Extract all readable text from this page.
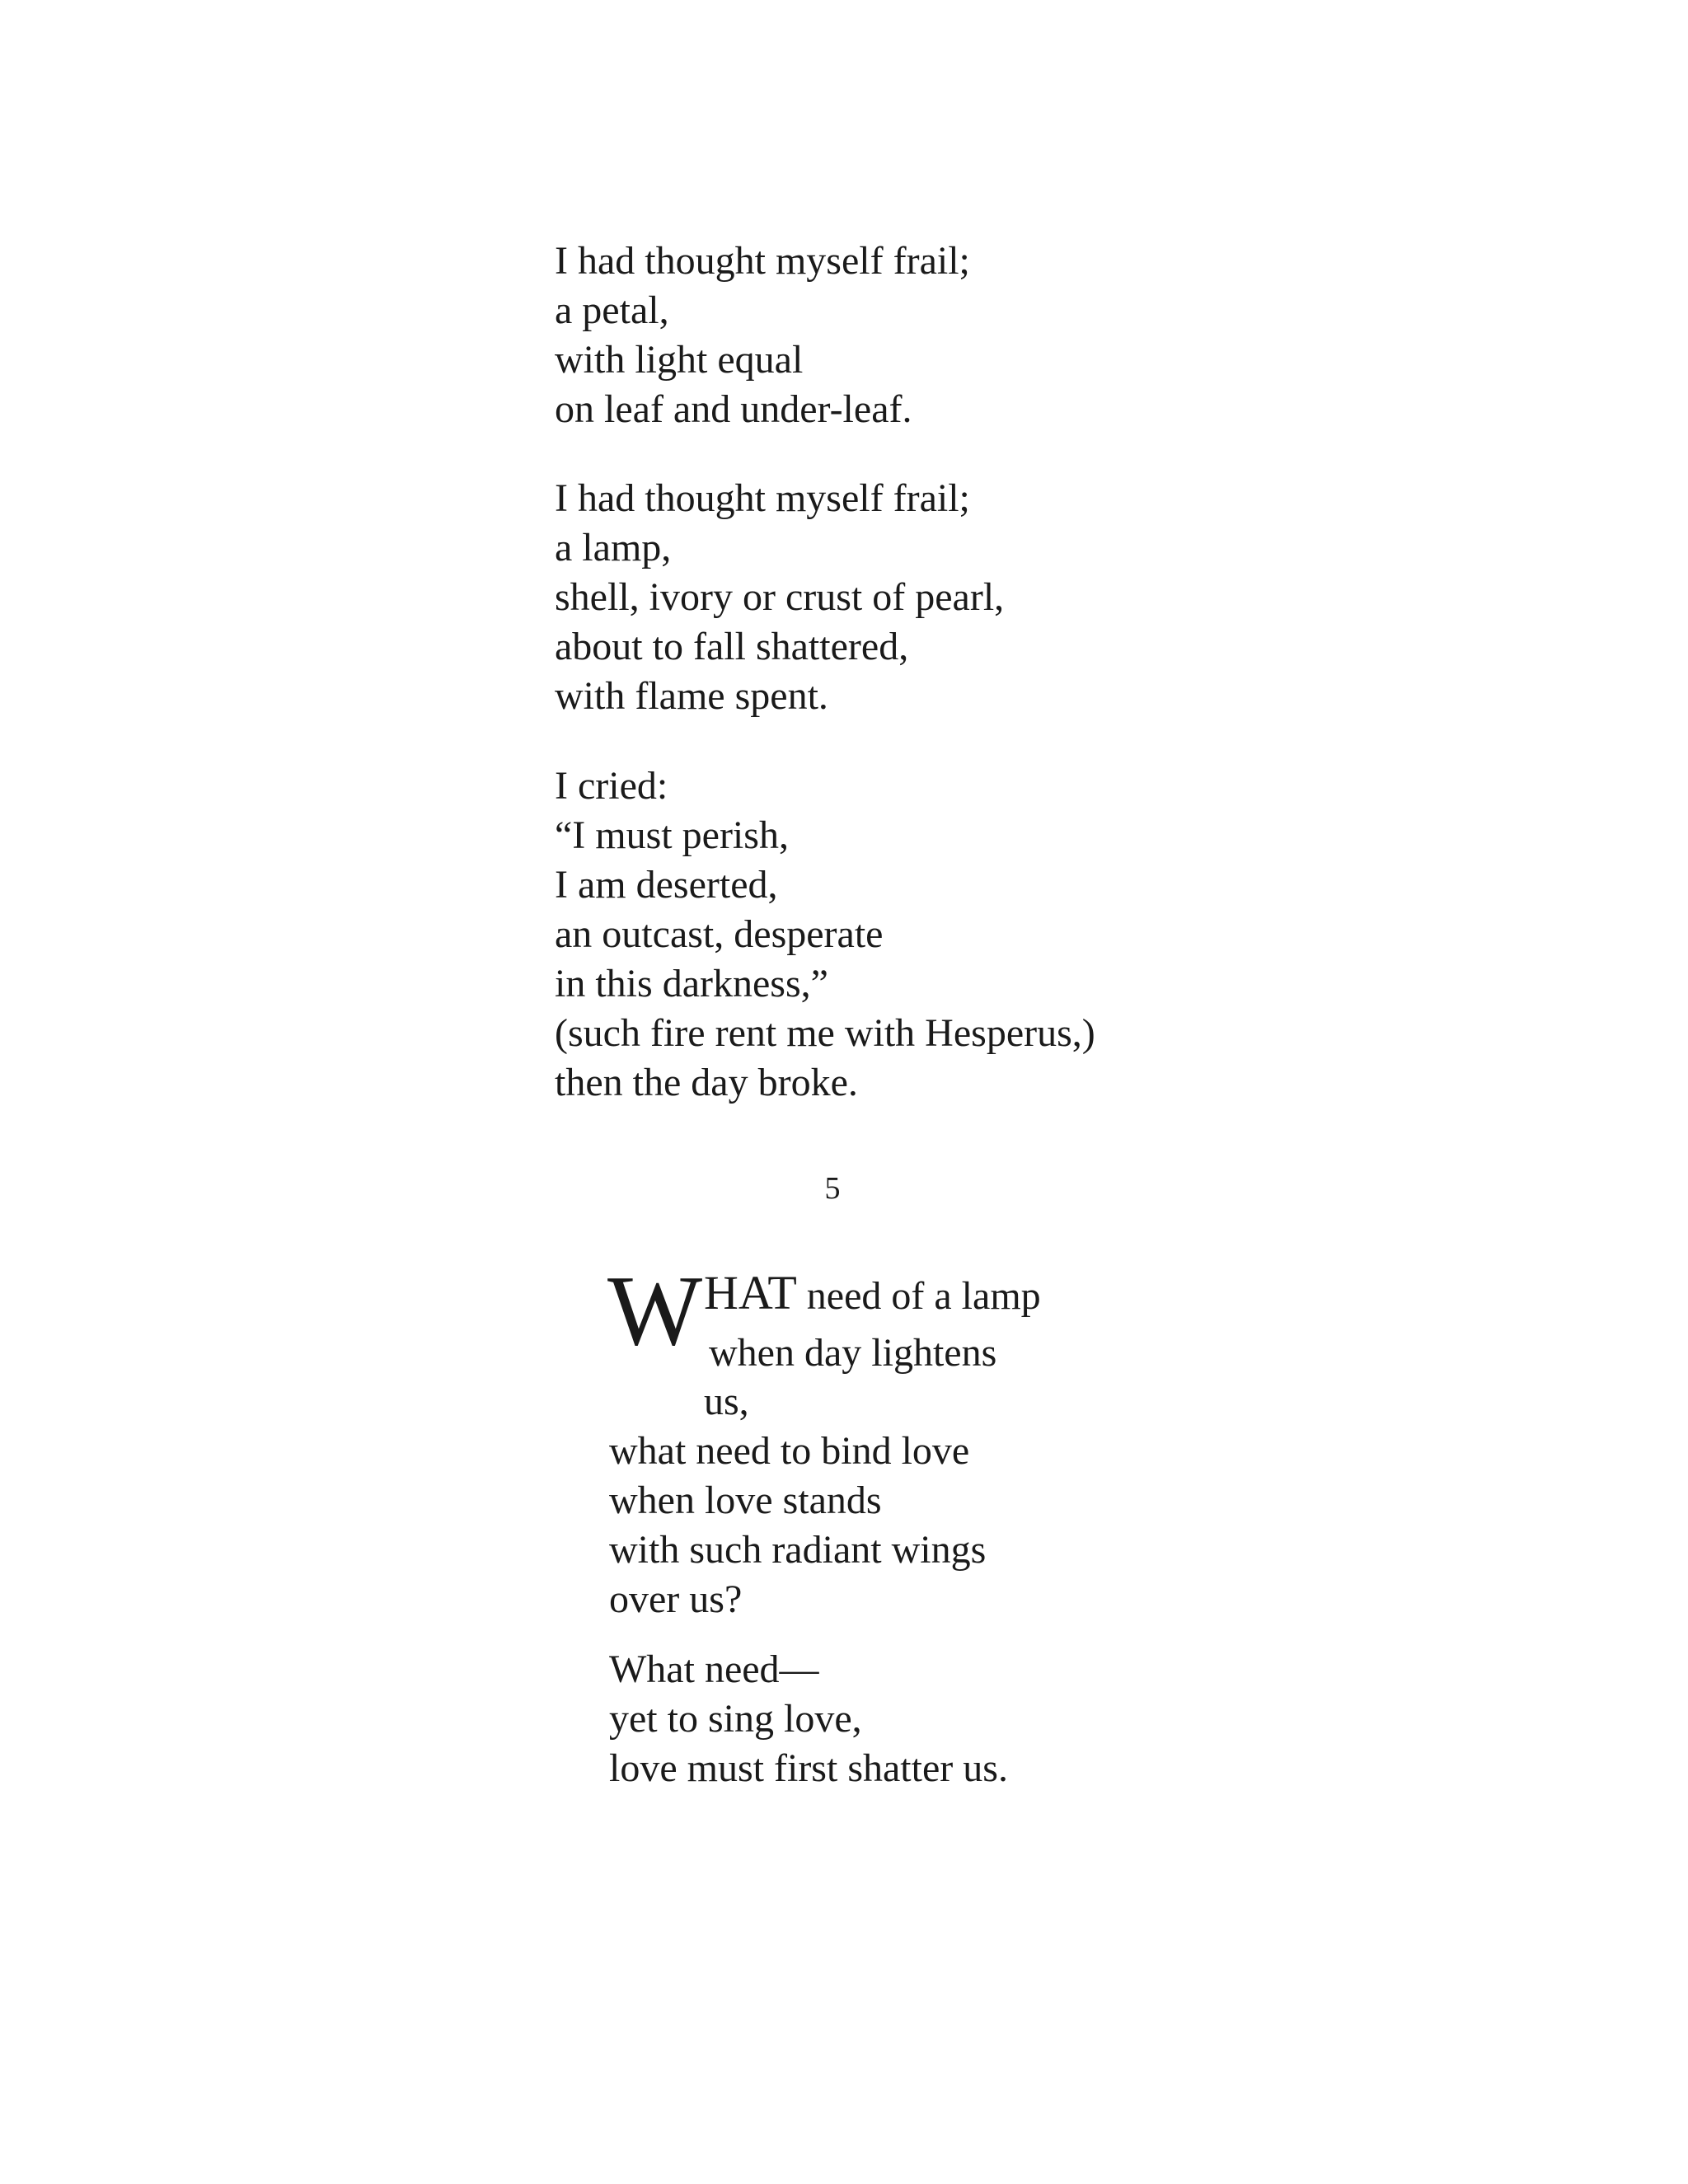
I had thought myself frail;
a petal,
with light equal
on leaf and under-leaf.
I had thought myself frail;
a lamp,
shell, ivory or crust of pearl,
about to fall shattered,
with flame spent.
I cried:
“I must perish,
I am deserted,
an outcast, desperate
in this darkness,”
(such fire rent me with Hesperus,)
then the day broke.
5
W HAT need of a lamp
when day lightens
us,
what need to bind love
when love stands
with such radiant wings
over us?
What need—
yet to sing love,
love must first shatter us.
